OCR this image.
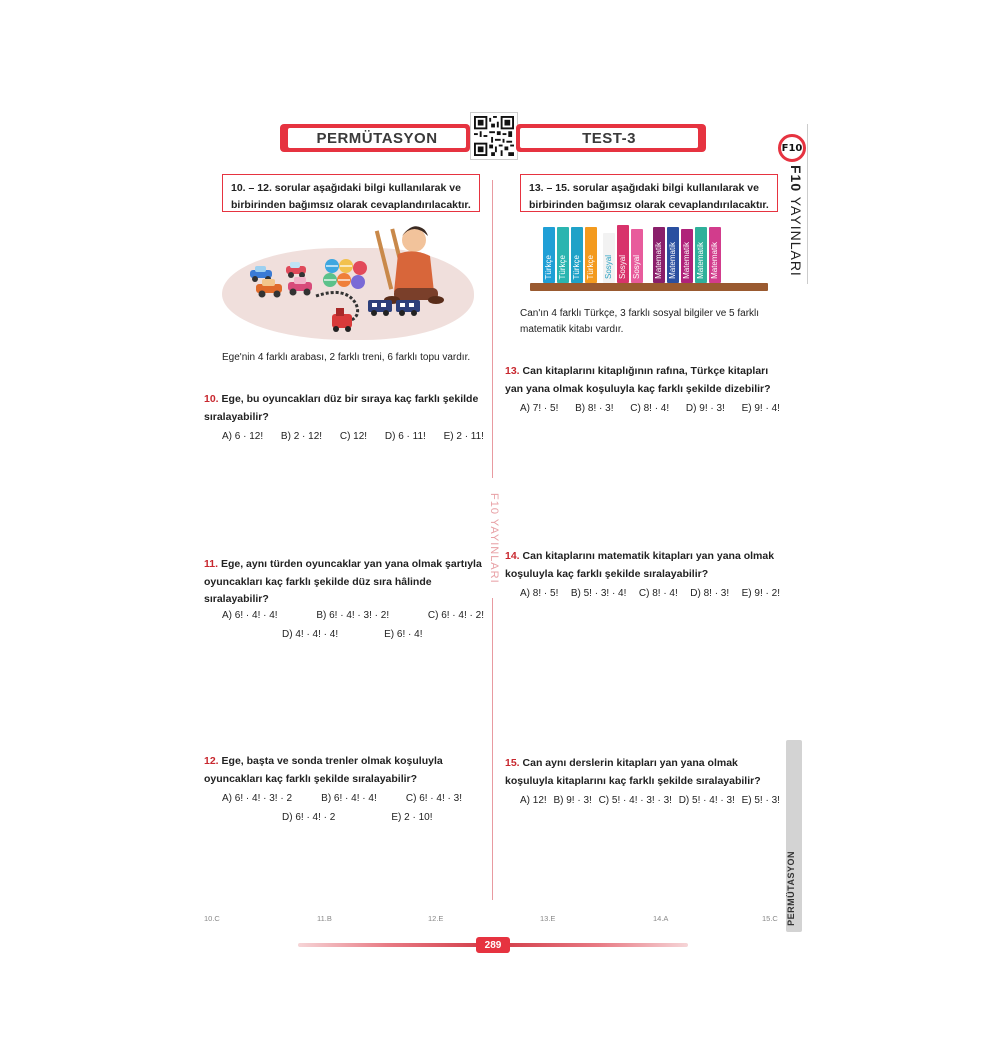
PERMÜTASYON	TEST-3
F10
F10 YAYINLARI
F10 YAYINLARI
10. – 12. sorular aşağıdaki bilgi kullanılarak ve birbirinden bağımsız olarak cevaplandırılacaktır.
Ege'nin 4 farklı arabası, 2 farklı treni, 6 farklı topu vardır.
10. Ege, bu oyuncakları düz bir sıraya kaç farklı şekilde sıralayabilir?
A) 6 · 12! B) 2 · 12! C) 12! D) 6 · 11! E) 2 · 11!
11. Ege, aynı türden oyuncaklar yan yana olmak şartıyla oyuncakları kaç farklı şekilde düz sıra hâlinde sıralayabilir?
A) 6! · 4! · 4!	B) 6! · 4! · 3! · 2!	C) 6! · 4! · 2!
D) 4! · 4! · 4!	E) 6! · 4!
12. Ege, başta ve sonda trenler olmak koşuluyla oyuncakları kaç farklı şekilde sıralayabilir?
A) 6! · 4! · 3! · 2	B) 6! · 4! · 4!	C) 6! · 4! · 3!
D) 6! · 4! · 2	E) 2 · 10!
13. – 15. sorular aşağıdaki bilgi kullanılarak ve birbirinden bağımsız olarak cevaplandırılacaktır.
Türkçe Türkçe Türkçe Türkçe Sosyal Sosyal Sosyal Matematik Matematik Matematik Matematik Matematik
Can'ın 4 farklı Türkçe, 3 farklı sosyal bilgiler ve 5 farklı matematik kitabı vardır.
13. Can kitaplarını kitaplığının rafına, Türkçe kitapları yan yana olmak koşuluyla kaç farklı şekilde dizebilir?
A) 7! · 5! B) 8! · 3! C) 8! · 4! D) 9! · 3! E) 9! · 4!
14. Can kitaplarını matematik kitapları yan yana olmak koşuluyla kaç farklı şekilde sıralayabilir?
A) 8! · 5! B) 5! · 3! · 4! C) 8! · 4! D) 8! · 3! E) 9! · 2!
15. Can aynı derslerin kitapları yan yana olmak koşuluyla kitaplarını kaç farklı şekilde sıralayabilir?
A) 12! B) 9! · 3! C) 5! · 4! · 3! · 3! D) 5! · 4! · 3! E) 5! · 3!
PERMÜTASYON
10.C	11.B	12.E	13.E	14.A	15.C
289
